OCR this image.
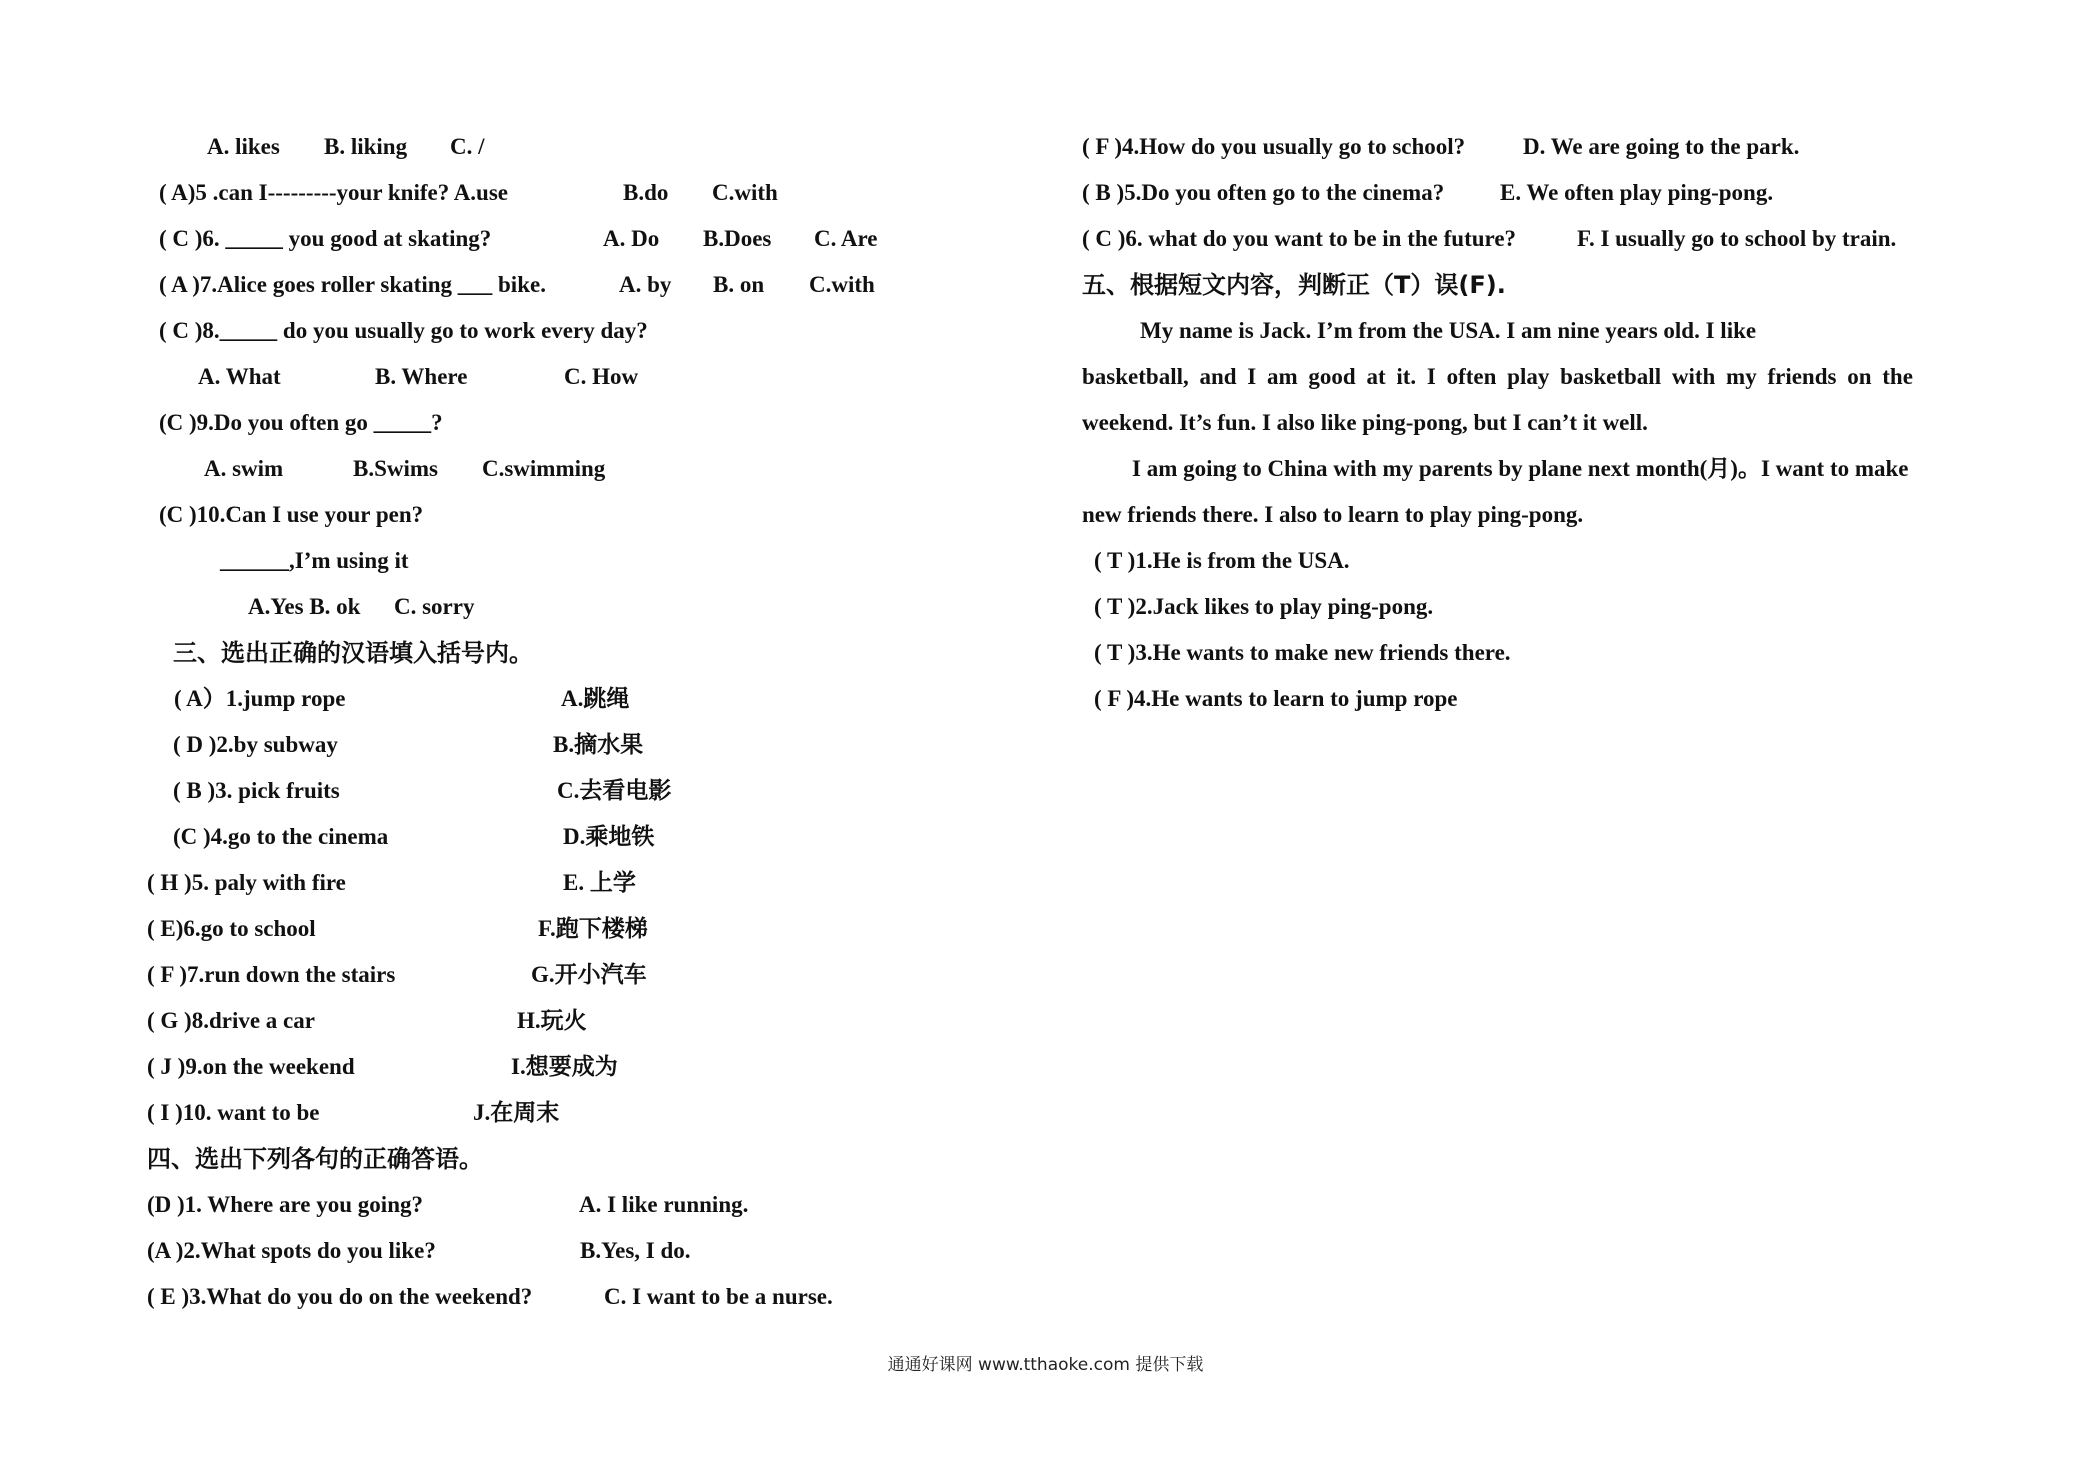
A. likes B. liking C. /
( A)5 .can I---------your knife? A.use	B.do C.with
( C )6. _____ you good at skating?	A. Do B.Does C. Are
( A )7.Alice goes roller skating ___ bike.	A. by B. on C.with
( C )8._____ do you usually go to work every day?
A. What	B. Where	C. How
(C )9.Do you often go _____?
A. swim	B.Swims C.swimming
(C )10.Can I use your pen?
______,I’m using it
A.Yes B. ok C. sorry
三、选出正确的汉语填入括号内。
( A）1.jump rope	A.跳绳
( D )2.by subway	B.摘水果
( B )3. pick fruits	C.去看电影
(C )4.go to the cinema	D.乘地铁
( H )5. paly with fire	E. 上学
( E)6.go to school	F.跑下楼梯
( F )7.run down the stairs	G.开小汽车
( G )8.drive a car	H.玩火
( J )9.on the weekend	I.想要成为
( I )10. want to be	J.在周末
四、选出下列各句的正确答语。
(D )1. Where are you going?	A. I like running.
(A )2.What spots do you like?	B.Yes, I do.
( E )3.What do you do on the weekend?	C. I want to be a nurse.
( F )4.How do you usually go to school?	D. We are going to the park.
( B )5.Do you often go to the cinema? E. We often play ping-pong.
( C )6. what do you want to be in the future?	F. I usually go to school by train.
五、根据短文内容，判断正（T）误(F).
My name is Jack. I’m from the USA. I am nine years old. I like
basketball, and I am good at it. I often play basketball with my friends on the
weekend. It’s fun. I also like ping-pong, but I can’t it well.
I am going to China with my parents by plane next month(月)。I want to make
new friends there. I also to learn to play ping-pong.
( T )1.He is from the USA.
( T )2.Jack likes to play ping-pong.
( T )3.He wants to make new friends there.
( F )4.He wants to learn to jump rope
通通好课网 www.tthaoke.com 提供下载
